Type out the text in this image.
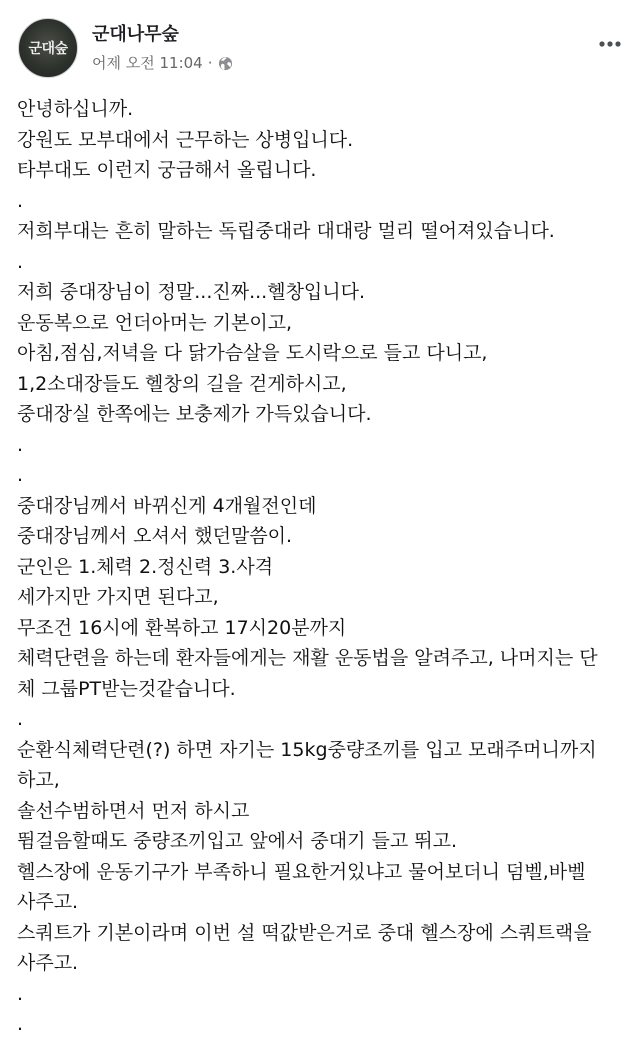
군대숲
군대나무숲
어제 오전 11:04 ·

안녕하십니까.

강원도 모부대에서 근무하는 상병입니다.

타부대도 이런지 궁금해서 올립니다.

.

저희부대는 흔히 말하는 독립중대라 대대랑 멀리 떨어져있습니다.

.

저희 중대장님이 정말...진짜...헬창입니다.

운동복으로 언더아머는 기본이고,

아침,점심,저녁을 다 닭가슴살을 도시락으로 들고 다니고,

1,2소대장들도 헬창의 길을 걷게하시고,

중대장실 한쪽에는 보충제가 가득있습니다.

.

.

중대장님께서 바뀌신게 4개월전인데

중대장님께서 오셔서 했던말씀이.

군인은 1.체력 2.정신력 3.사격

세가지만 가지면 된다고,

무조건 16시에 환복하고 17시20분까지

체력단련을 하는데 환자들에게는 재활 운동법을 알려주고, 나머지는 단

체 그룹PT받는것같습니다.

.

순환식체력단련(?) 하면 자기는 15kg중량조끼를 입고 모래주머니까지

하고,

솔선수범하면서 먼저 하시고

뜀걸음할때도 중량조끼입고 앞에서 중대기 들고 뛰고.

헬스장에 운동기구가 부족하니 필요한거있냐고 물어보더니 덤벨,바벨

사주고.

스쿼트가 기본이라며 이번 설 떡값받은거로 중대 헬스장에 스쿼트랙을

사주고.

.

.
